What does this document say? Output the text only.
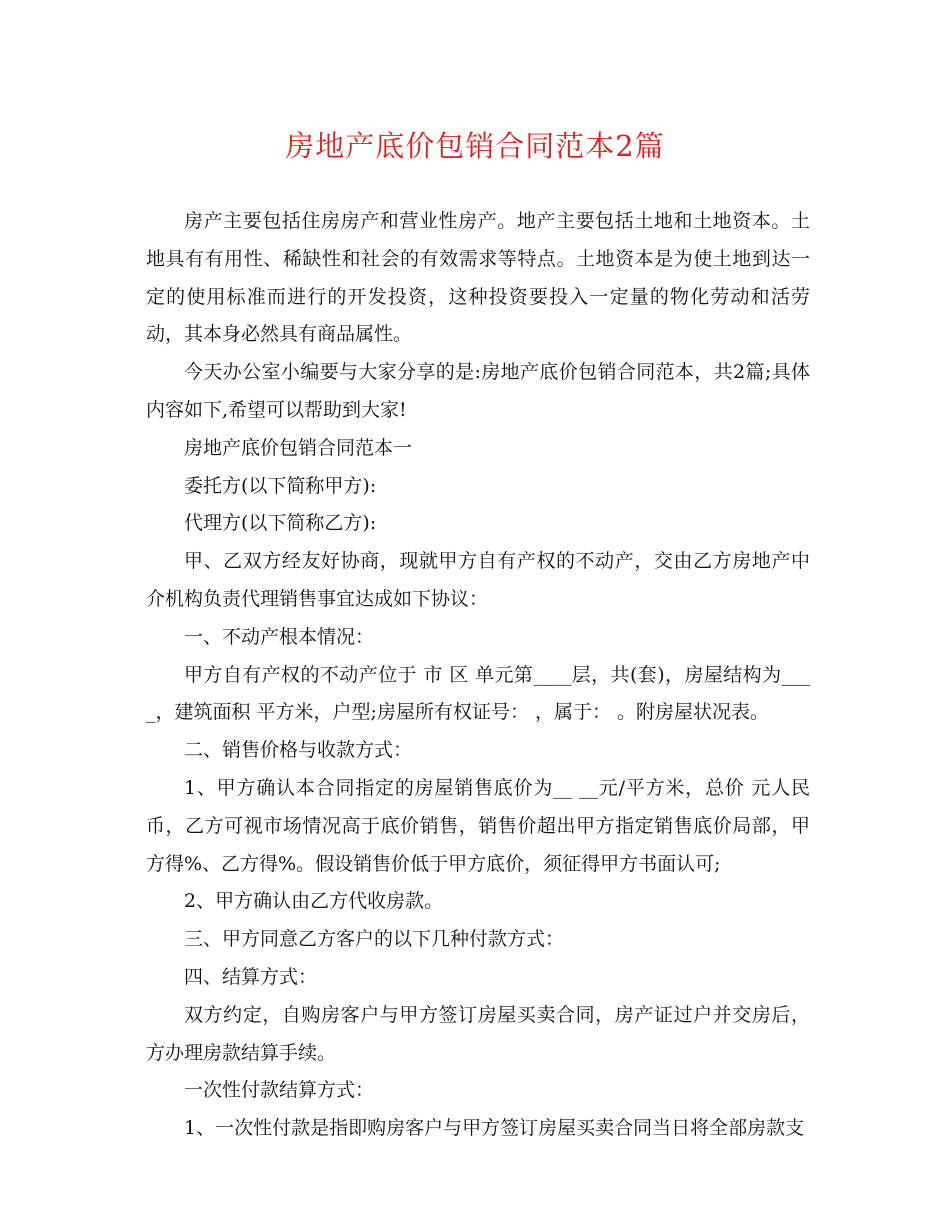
房地产底价包销合同范本2篇

房产主要包括住房房产和营业性房产。地产主要包括土地和土地资本。土地具有有用性、稀缺性和社会的有效需求等特点。土地资本是为使土地到达一定的使用标准而进行的开发投资，这种投资要投入一定量的物化劳动和活劳动，其本身必然具有商品属性。

今天办公室小编要与大家分享的是:房地产底价包销合同范本，共2篇;具体内容如下,希望可以帮助到大家!

房地产底价包销合同范本一

委托方(以下简称甲方):

代理方(以下简称乙方):

甲、乙双方经友好协商，现就甲方自有产权的不动产，交由乙方房地产中介机构负责代理销售事宜达成如下协议：

一、不动产根本情况：

甲方自有产权的不动产位于 市 区 单元第____层，共(套)，房屋结构为____，建筑面积 平方米，户型;房屋所有权证号： ，属于： 。附房屋状况表。

二、销售价格与收款方式：

1、甲方确认本合同指定的房屋销售底价为__ __元/平方米，总价 元人民币，乙方可视市场情况高于底价销售，销售价超出甲方指定销售底价局部，甲方得%、乙方得%。假设销售价低于甲方底价，须征得甲方书面认可;

2、甲方确认由乙方代收房款。

三、甲方同意乙方客户的以下几种付款方式：

四、结算方式：

双方约定，自购房客户与甲方签订房屋买卖合同，房产证过户并交房后，方办理房款结算手续。

一次性付款结算方式：

1、一次性付款是指即购房客户与甲方签订房屋买卖合同当日将全部房款支
